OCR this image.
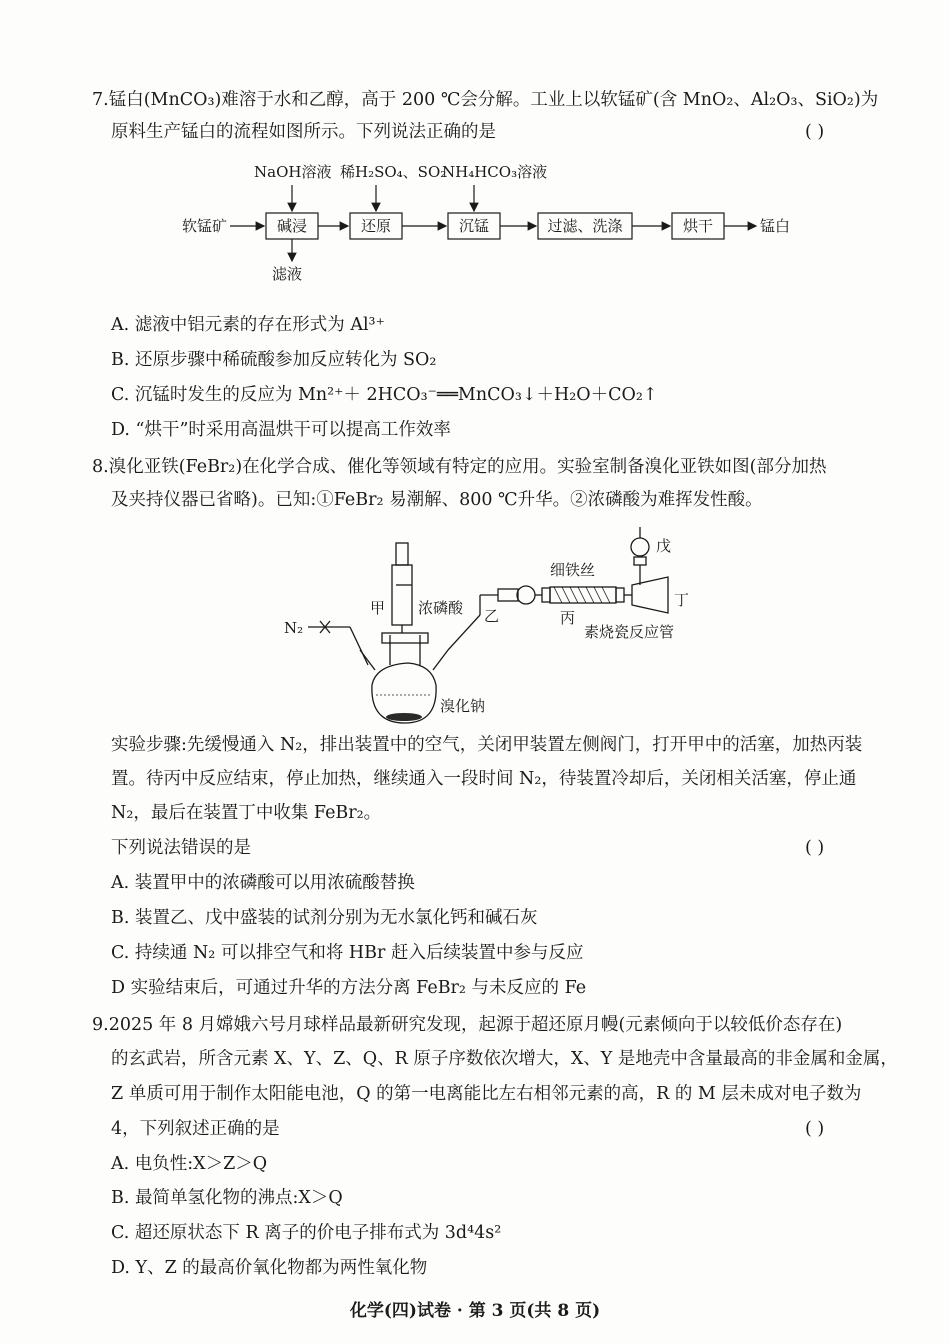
7.锰白(MnCO₃)难溶于水和乙醇，高于 200 ℃会分解。工业上以软锰矿(含 MnO₂、Al₂O₃、SiO₂)为
原料生产锰白的流程如图所示。下列说法正确的是	( )
NaOH溶液 稀H₂SO₄、SO₂
NH₄HCO₃溶液
软锰矿	锰白
滤液
碱浸	还原	沉锰	过滤、洗涤	烘干
A. 滤液中铝元素的存在形式为 Al³⁺
B. 还原步骤中稀硫酸参加反应转化为 SO₂
C. 沉锰时发生的反应为 Mn²⁺＋ 2HCO₃⁻══MnCO₃↓＋H₂O＋CO₂↑
D. “烘干”时采用高温烘干可以提高工作效率
8.溴化亚铁(FeBr₂)在化学合成、催化等领域有特定的应用。实验室制备溴化亚铁如图(部分加热
及夹持仪器已省略)。已知:①FeBr₂ 易潮解、800 ℃升华。②浓磷酸为难挥发性酸。
N₂
甲 浓磷酸 乙
细铁丝
丙
素烧瓷反应管
丁
戊
溴化钠
实验步骤:先缓慢通入 N₂，排出装置中的空气，关闭甲装置左侧阀门，打开甲中的活塞，加热丙装
置。待丙中反应结束，停止加热，继续通入一段时间 N₂，待装置冷却后，关闭相关活塞，停止通
N₂，最后在装置丁中收集 FeBr₂。
下列说法错误的是	( )
A. 装置甲中的浓磷酸可以用浓硫酸替换
B. 装置乙、戊中盛装的试剂分别为无水氯化钙和碱石灰
C. 持续通 N₂ 可以排空气和将 HBr 赶入后续装置中参与反应
D 实验结束后，可通过升华的方法分离 FeBr₂ 与未反应的 Fe
9.2025 年 8 月嫦娥六号月球样品最新研究发现，起源于超还原月幔(元素倾向于以较低价态存在)
的玄武岩，所含元素 X、Y、Z、Q、R 原子序数依次增大，X、Y 是地壳中含量最高的非金属和金属，
Z 单质可用于制作太阳能电池，Q 的第一电离能比左右相邻元素的高，R 的 M 层未成对电子数为
4，下列叙述正确的是	( )
A. 电负性:X＞Z＞Q
B. 最简单氢化物的沸点:X＞Q
C. 超还原状态下 R 离子的价电子排布式为 3d⁴4s²
D. Y、Z 的最高价氧化物都为两性氧化物
化学(四)试卷 · 第 3 页(共 8 页)
